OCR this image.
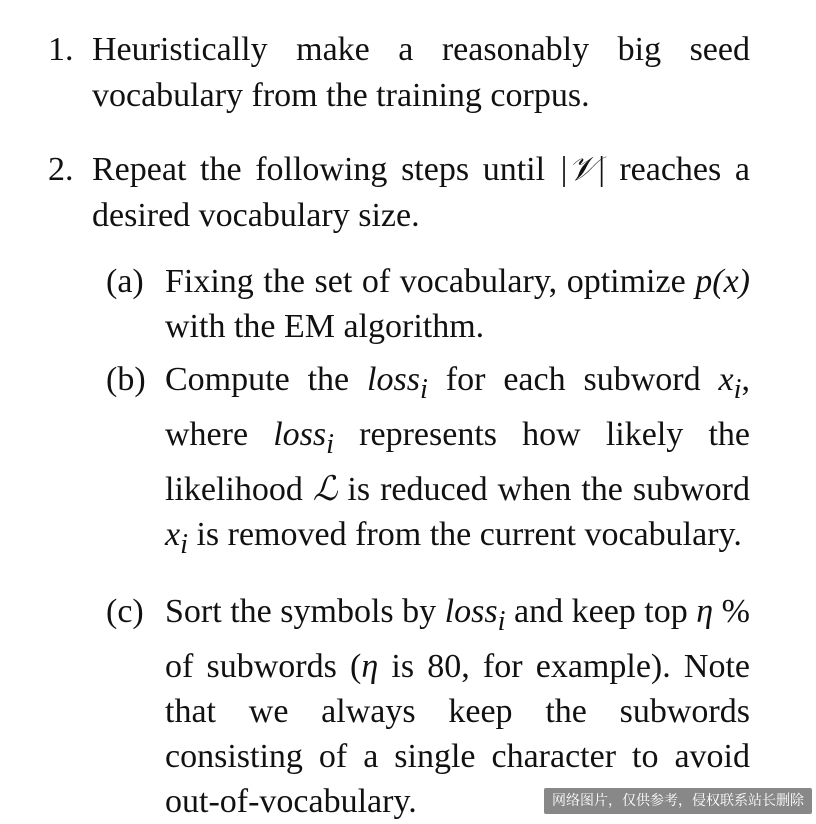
1. Heuristically make a reasonably big seed vocabulary from the training corpus.
2. Repeat the following steps until |𝒱| reaches a desired vocabulary size.
(a) Fixing the set of vocabulary, optimize p(x) with the EM algorithm.
(b) Compute the loss$_i$ for each subword $x_i$, where loss$_i$ represents how likely the likelihood ℒ is reduced when the subword $x_i$ is removed from the current vocabulary.
(c) Sort the symbols by loss$_i$ and keep top η % of subwords (η is 80, for example). Note that we always keep the subwords consisting of a single character to avoid out-of-vocabulary.	网络图片，仅供参考，侵权联系站长删除
